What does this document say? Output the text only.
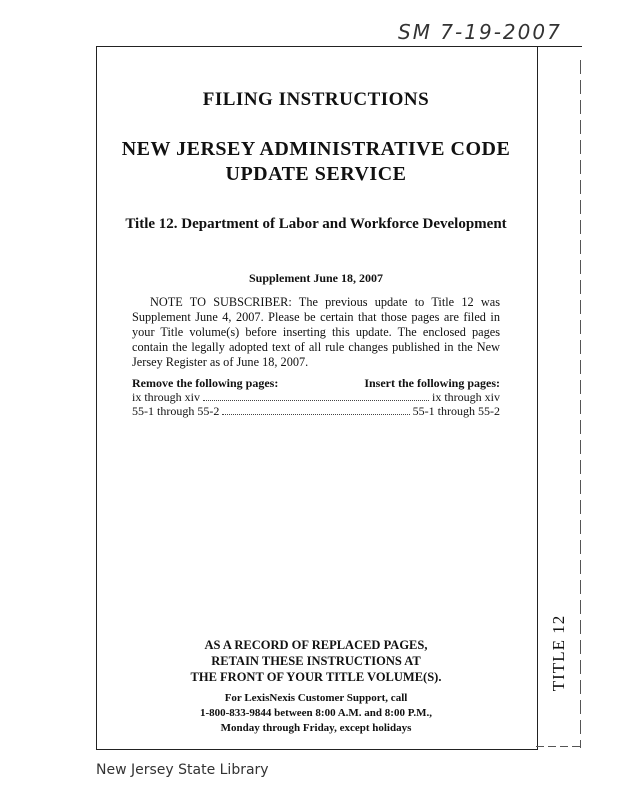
SM 7-19-2007
TITLE 12
FILING INSTRUCTIONS
NEW JERSEY ADMINISTRATIVE CODE
UPDATE SERVICE
Title 12. Department of Labor and Workforce Development
Supplement June 18, 2007
NOTE TO SUBSCRIBER: The previous update to Title 12 was Supplement June 4, 2007. Please be certain that those pages are filed in your Title volume(s) before inserting this update. The enclosed pages contain the legally adopted text of all rule changes published in the New Jersey Register as of June 18, 2007.
Remove the following pages:	Insert the following pages:
ix through xiv	ix through xiv
55-1 through 55-2	55-1 through 55-2
AS A RECORD OF REPLACED PAGES,
RETAIN THESE INSTRUCTIONS AT
THE FRONT OF YOUR TITLE VOLUME(S).
For LexisNexis Customer Support, call
1-800-833-9844 between 8:00 A.M. and 8:00 P.M.,
Monday through Friday, except holidays
New Jersey State Library
